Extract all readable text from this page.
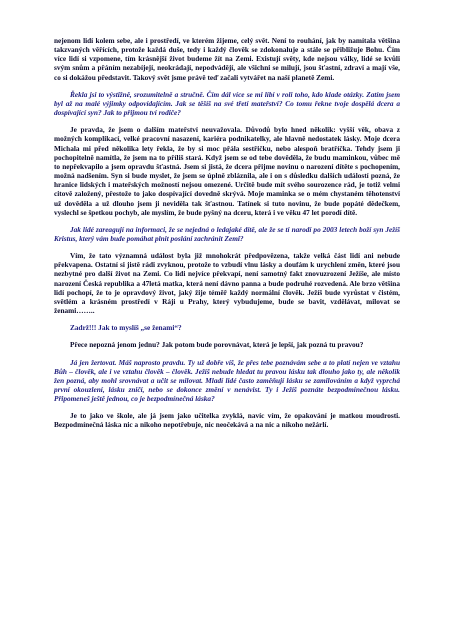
nejenom lidí kolem sebe, ale i prostředí, ve kterém žijeme, celý svět. Není to rouhání, jak by namítala většina takzvaných věřících, protože každá duše, tedy i každý člověk se zdokonaluje a stále se přibližuje Bohu. Čím více lidí si vzpomene, tím krásnější život budeme žít na Zemi. Existují světy, kde nejsou války, lidé se kvůli svým snům a přáním nezabíjejí, neokrádají, nepodvádějí, ale všichni se milují, jsou šťastní, zdraví a mají vše, co si dokážou představit. Takový svět jsme právě teď začali vytvářet na naší planetě Zemi.

Řekla jsi to výstižně, srozumitelně a stručně. Čím dál více se mi líbí v roli toho, kdo klade otázky. Zatím jsem byl až na malé výjimky odpovídajícím. Jak se těšíš na své třetí mateřství? Co tomu řekne tvoje dospělá dcera a dospívající syn? Jak to přijmou tví rodiče?

Je pravda, že jsem o dalším mateřství neuvažovala. Důvodů bylo hned několik: vyšší věk, obava z možných komplikací, velké pracovní nasazení, kariéra podnikatelky, ale hlavně nedostatek lásky. Moje dcera Michala mi před několika lety řekla, že by si moc přála sestřičku, nebo alespoň bratříčka. Tehdy jsem ji pochopitelně namítla, že jsem na to příliš stará. Když jsem se od tebe dověděla, že budu maminkou, vůbec mě to nepřekvapilo a jsem opravdu šťastná. Jsem si jistá, že dcera přijme novinu o narození dítěte s pochopením, možná nadšením. Syn si bude myslet, že jsem se úplně zbláznila, ale i on s důsledku dalších událostí pozná, že hranice lidských i mateřských možností nejsou omezené. Určitě bude mít svého sourozence rád, je totiž velmi citově založený, přestože to jako dospívající dovedně skrývá. Moje maminka se o mém chystaném těhotenství už dověděla a už dlouho jsem ji neviděla tak šťastnou. Tatínek si tuto novinu, že bude popáté dědečkem, vyslechl se špetkou pochyb, ale myslím, že bude pyšný na dceru, která i ve věku 47 let porodí dítě.

Jak lidé zareagují na informaci, že se nejedná o ledajaké dítě, ale že se tí narodí po 2003 letech boží syn Ježíš Kristus, který vám bude pomáhat plnit poslání zachránit Zemi?

Vím, že tato významná událost byla již mnohokrát předpovězena, takže velká část lidí ani nebude překvapena. Ostatní si jistě rádi zvyknou, protože to vzbudí vlnu lásky a doufám k urychlení změn, které jsou nezbytné pro další život na Zemi. Co lidi nejvíce překvapí, není samotný fakt znovuzrození Ježíše, ale místo narození Česká republika a 47letá matka, která není dávno panna a bude podruhé rozvedená. Ale brzo většina lidí pochopí, že to je opravdový život, jaký žije téměř každý normální člověk. Ježíš bude vyrůstat v čistém, světlém a krásném prostředí v Ráji u Prahy, který vybudujeme, bude se bavit, vzdělávat, milovat se ženami……..

Zadrž!!! Jak to myslíš „se ženami“?

Přece nepozná jenom jednu? Jak potom bude porovnávat, která je lepší, jak pozná tu pravou?

Já jen žertovat. Máš naprosto pravdu. Ty už dobře víš, že přes tebe poznávám sebe a to platí nejen ve vztahu Bůh – člověk, ale i ve vztahu člověk – člověk. Ježíš nebude hledat tu pravou lásku tak dlouho jako ty, ale několik žen pozná, aby mohl srovnávat a učit se milovat. Mladí lidé často zaměňují lásku se zamilováním a když vyprchá první okouzlení, lásku zničí, nebo se dokonce změní v nenávist. Ty i Ježíš poznáte bezpodmínečnou lásku. Připomeneš ještě jednou, co je bezpodmínečná láska?

Je to jako ve škole, ale já jsem jako učitelka zvyklá, navíc vím, že opakování je matkou moudrosti. Bezpodmínečná láska nic a nikoho nepotřebuje, nic neočekává a na nic a nikoho nežárlí.
